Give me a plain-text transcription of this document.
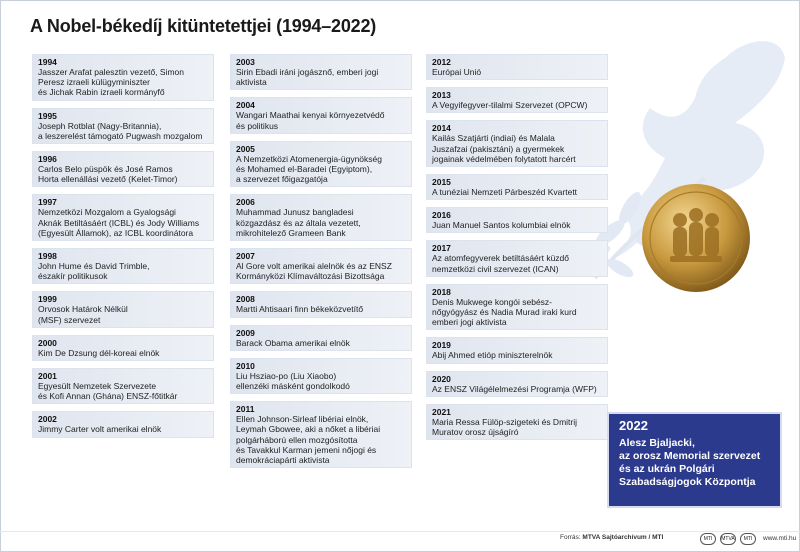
A Nobel-békedíj kitüntetettjei (1994–2022)
1994
Jasszer Arafat palesztin vezető, Simon
Peresz izraeli külügyminiszter
és Jichak Rabin izraeli kormányfő
1995
Joseph Rotblat (Nagy-Britannia),
a leszerelést támogató Pugwash mozgalom
1996
Carlos Belo püspök és José Ramos
Horta ellenállási vezető (Kelet-Timor)
1997
Nemzetközi Mozgalom a Gyalogsági
Aknák Betiltásáért (ICBL) és Jody Williams
(Egyesült Államok), az ICBL koordinátora
1998
John Hume és David Trimble,
északír politikusok
1999
Orvosok Határok Nélkül
(MSF) szervezet
2000
Kim De Dzsung dél-koreai elnök
2001
Egyesült Nemzetek Szervezete
és Kofi Annan (Ghána) ENSZ-főtitkár
2002
Jimmy Carter volt amerikai elnök
2003
Sirin Ebadi iráni jogásznő, emberi jogi
aktivista
2004
Wangari Maathai kenyai környezetvédő
és politikus
2005
A Nemzetközi Atomenergia-ügynökség
és Mohamed el-Baradei (Egyiptom),
a szervezet főigazgatója
2006
Muhammad Junusz bangladesi
közgazdász és az általa vezetett,
mikrohitelező Grameen Bank
2007
Al Gore volt amerikai alelnök és az ENSZ
Kormányközi Klímaváltozási Bizottsága
2008
Martti Ahtisaari finn békeközvetítő
2009
Barack Obama amerikai elnök
2010
Liu Hsziao-po (Liu Xiaobo)
ellenzéki másként gondolkodó
2011
Ellen Johnson-Sirleaf libériai elnök,
Leymah Gbowee, aki a nőket a libériai
polgárháború ellen mozgósította
és Tavakkul Karman jemeni nőjogi és
demokráciapárti aktivista
2012
Európai Unió
2013
A Vegyifegyver-tilalmi Szervezet (OPCW)
2014
Kailás Szatjárti (indiai) és Malala
Juszafzai (pakisztáni) a gyermekek
jogainak védelmében folytatott harcért
2015
A tunéziai Nemzeti Párbeszéd Kvartett
2016
Juan Manuel Santos kolumbiai elnök
2017
Az atomfegyverek betiltásáért küzdő
nemzetközi civil szervezet (ICAN)
2018
Denis Mukwege kongói sebész-
nőgyógyász és Nadia Murad iraki kurd
emberi jogi aktivista
2019
Abij Ahmed etióp miniszterelnök
2020
Az ENSZ Világélelmezési Programja (WFP)
2021
Maria Ressa Fülöp-szigeteki és Dmitrij
Muratov orosz újságíró	2022
Alesz Bjaljacki,
az orosz Memorial szervezet
és az ukrán Polgári
Szabadságjogok Központja
Forrás: MTVA Sajtóarchívum / MTI	MTI	MTVA	MTI	www.mti.hu
